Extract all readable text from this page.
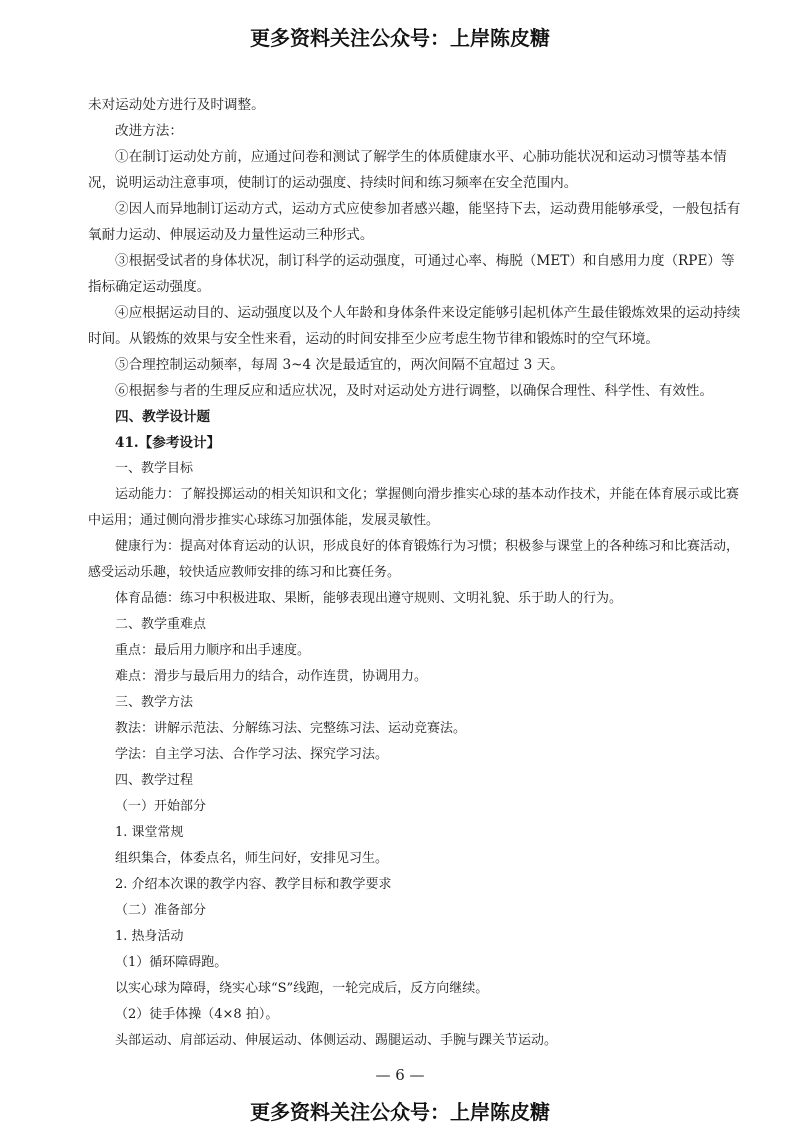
更多资料关注公众号：上岸陈皮糖

未对运动处方进行及时调整。

改进方法：

①在制订运动处方前，应通过问卷和测试了解学生的体质健康水平、心肺功能状况和运动习惯等基本情况，说明运动注意事项，使制订的运动强度、持续时间和练习频率在安全范围内。

②因人而异地制订运动方式，运动方式应使参加者感兴趣，能坚持下去，运动费用能够承受，一般包括有氧耐力运动、伸展运动及力量性运动三种形式。

③根据受试者的身体状况，制订科学的运动强度，可通过心率、梅脱（MET）和自感用力度（RPE）等指标确定运动强度。

④应根据运动目的、运动强度以及个人年龄和身体条件来设定能够引起机体产生最佳锻炼效果的运动持续时间。从锻炼的效果与安全性来看，运动的时间安排至少应考虑生物节律和锻炼时的空气环境。

⑤合理控制运动频率，每周 3~4 次是最适宜的，两次间隔不宜超过 3 天。

⑥根据参与者的生理反应和适应状况，及时对运动处方进行调整，以确保合理性、科学性、有效性。

四、教学设计题

41.【参考设计】

一、教学目标

运动能力：了解投掷运动的相关知识和文化；掌握侧向滑步推实心球的基本动作技术，并能在体育展示或比赛中运用；通过侧向滑步推实心球练习加强体能，发展灵敏性。

健康行为：提高对体育运动的认识，形成良好的体育锻炼行为习惯；积极参与课堂上的各种练习和比赛活动，感受运动乐趣，较快适应教师安排的练习和比赛任务。

体育品德：练习中积极进取、果断，能够表现出遵守规则、文明礼貌、乐于助人的行为。

二、教学重难点

重点：最后用力顺序和出手速度。

难点：滑步与最后用力的结合，动作连贯，协调用力。

三、教学方法

教法：讲解示范法、分解练习法、完整练习法、运动竞赛法。

学法：自主学习法、合作学习法、探究学习法。

四、教学过程

（一）开始部分

1. 课堂常规

组织集合，体委点名，师生问好，安排见习生。

2. 介绍本次课的教学内容、教学目标和教学要求

（二）准备部分

1. 热身活动

（1）循环障碍跑。

以实心球为障碍，绕实心球“S”线跑，一轮完成后，反方向继续。

（2）徒手体操（4×8 拍）。

头部运动、肩部运动、伸展运动、体侧运动、踢腿运动、手腕与踝关节运动。

— 6 —
更多资料关注公众号：上岸陈皮糖
